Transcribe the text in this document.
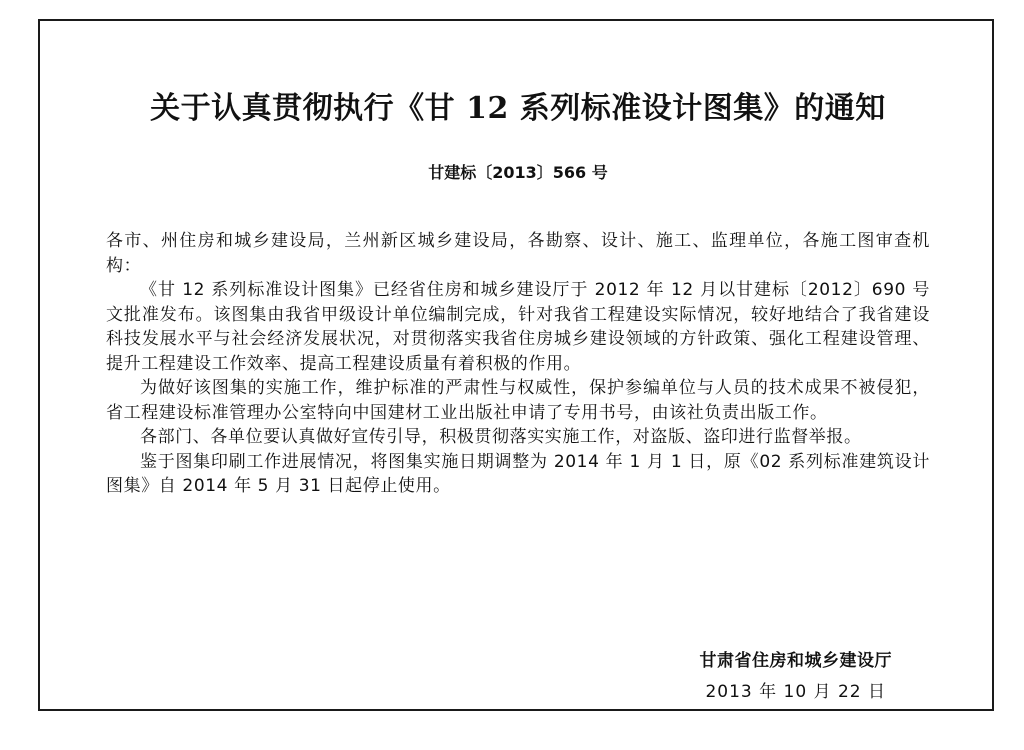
关于认真贯彻执行《甘 12 系列标准设计图集》的通知
甘建标〔2013〕566 号

各市、州住房和城乡建设局，兰州新区城乡建设局，各勘察、设计、施工、监理单位，各施工图审查机构：

《甘 12 系列标准设计图集》已经省住房和城乡建设厅于 2012 年 12 月以甘建标〔2012〕690 号文批准发布。该图集由我省甲级设计单位编制完成，针对我省工程建设实际情况，较好地结合了我省建设科技发展水平与社会经济发展状况，对贯彻落实我省住房城乡建设领域的方针政策、强化工程建设管理、提升工程建设工作效率、提高工程建设质量有着积极的作用。

为做好该图集的实施工作，维护标准的严肃性与权威性，保护参编单位与人员的技术成果不被侵犯，省工程建设标准管理办公室特向中国建材工业出版社申请了专用书号，由该社负责出版工作。

各部门、各单位要认真做好宣传引导，积极贯彻落实实施工作，对盗版、盗印进行监督举报。

鉴于图集印刷工作进展情况，将图集实施日期调整为 2014 年 1 月 1 日，原《02 系列标准建筑设计图集》自 2014 年 5 月 31 日起停止使用。

甘肃省住房和城乡建设厅
2013 年 10 月 22 日
